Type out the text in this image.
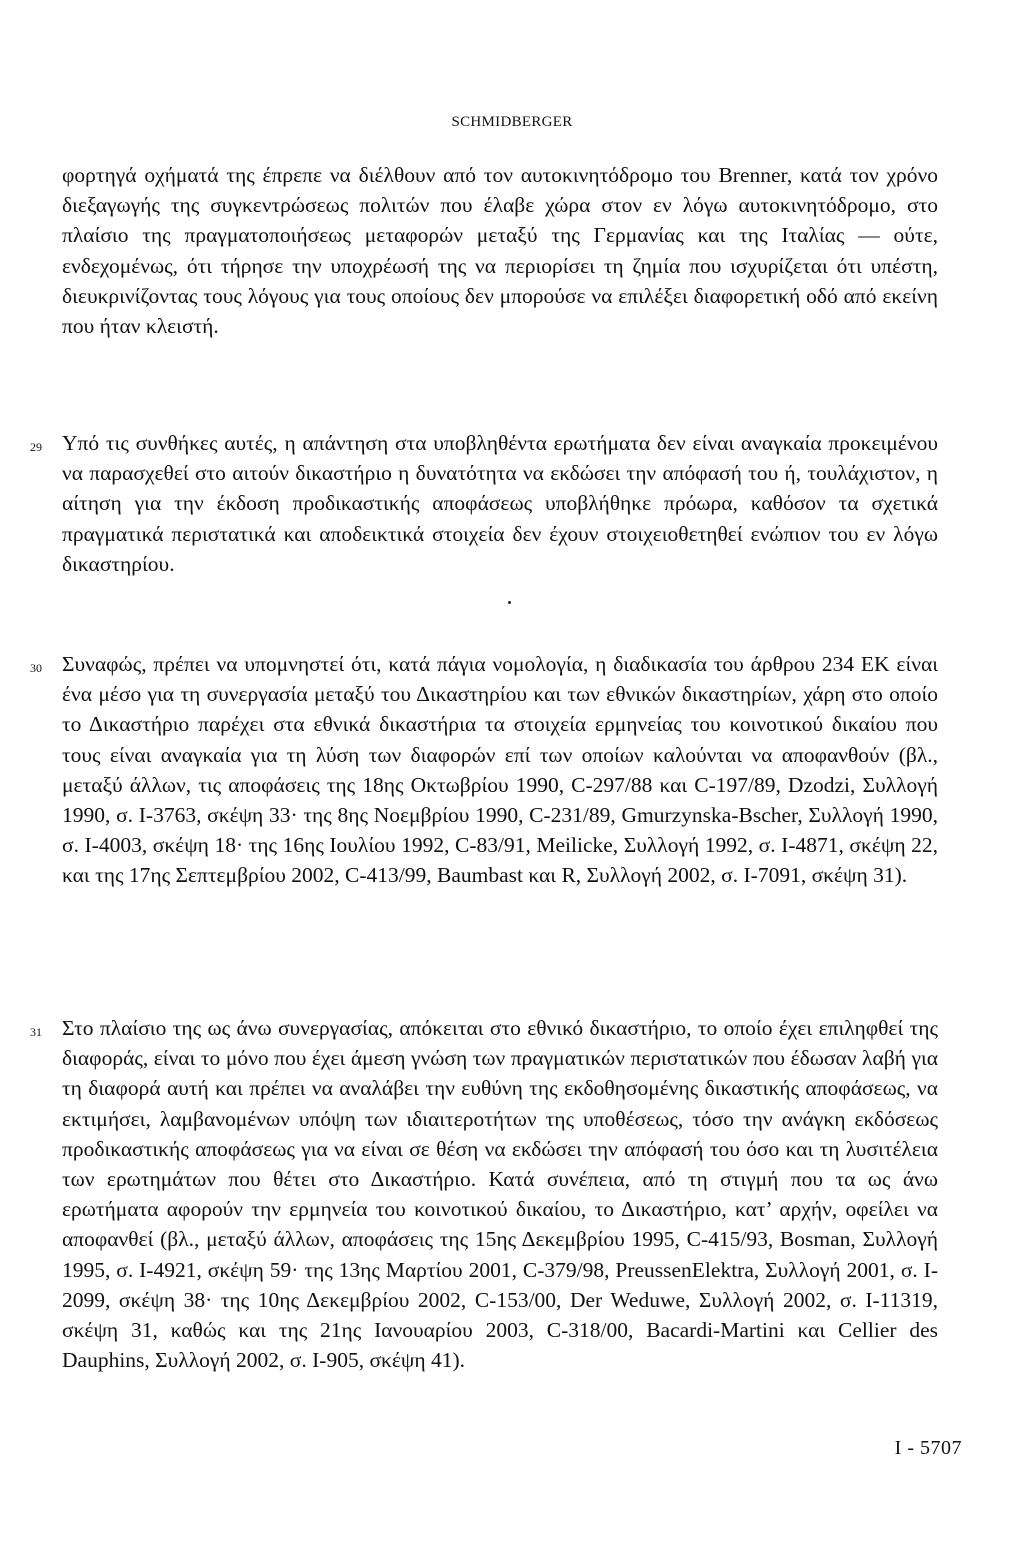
SCHMIDBERGER

φορτηγά οχήματά της έπρεπε να διέλθουν από τον αυτοκινητόδρομο του Brenner, κατά τον χρόνο διεξαγωγής της συγκεντρώσεως πολιτών που έλαβε χώρα στον εν λόγω αυτοκινητόδρομο, στο πλαίσιο της πραγματοποιήσεως μεταφορών μεταξύ της Γερμανίας και της Ιταλίας — ούτε, ενδεχομένως, ότι τήρησε την υποχρέωσή της να περιορίσει τη ζημία που ισχυρίζεται ότι υπέστη, διευκρινίζοντας τους λόγους για τους οποίους δεν μπορούσε να επιλέξει διαφορετική οδό από εκείνη που ήταν κλειστή.

29 Υπό τις συνθήκες αυτές, η απάντηση στα υποβληθέντα ερωτήματα δεν είναι αναγκαία προκειμένου να παρασχεθεί στο αιτούν δικαστήριο η δυνατότητα να εκδώσει την απόφασή του ή, τουλάχιστον, η αίτηση για την έκδοση προδικαστικής αποφάσεως υποβλήθηκε πρόωρα, καθόσον τα σχετικά πραγματικά περιστατικά και αποδεικτικά στοιχεία δεν έχουν στοιχειοθετηθεί ενώπιον του εν λόγω δικαστηρίου.

30 Συναφώς, πρέπει να υπομνηστεί ότι, κατά πάγια νομολογία, η διαδικασία του άρθρου 234 ΕΚ είναι ένα μέσο για τη συνεργασία μεταξύ του Δικαστηρίου και των εθνικών δικαστηρίων, χάρη στο οποίο το Δικαστήριο παρέχει στα εθνικά δικαστήρια τα στοιχεία ερμηνείας του κοινοτικού δικαίου που τους είναι αναγκαία για τη λύση των διαφορών επί των οποίων καλούνται να αποφανθούν (βλ., μεταξύ άλλων, τις αποφάσεις της 18ης Οκτωβρίου 1990, C-297/88 και C-197/89, Dzodzi, Συλλογή 1990, σ. I-3763, σκέψη 33· της 8ης Νοεμβρίου 1990, C-231/89, Gmurzynska-Bscher, Συλλογή 1990, σ. I-4003, σκέψη 18· της 16ης Ιουλίου 1992, C-83/91, Meilicke, Συλλογή 1992, σ. I-4871, σκέψη 22, και της 17ης Σεπτεμβρίου 2002, C-413/99, Baumbast και R, Συλλογή 2002, σ. I-7091, σκέψη 31).

31 Στο πλαίσιο της ως άνω συνεργασίας, απόκειται στο εθνικό δικαστήριο, το οποίο έχει επιληφθεί της διαφοράς, είναι το μόνο που έχει άμεση γνώση των πραγματικών περιστατικών που έδωσαν λαβή για τη διαφορά αυτή και πρέπει να αναλάβει την ευθύνη της εκδοθησομένης δικαστικής αποφάσεως, να εκτιμήσει, λαμβανομένων υπόψη των ιδιαιτεροτήτων της υποθέσεως, τόσο την ανάγκη εκδόσεως προδικαστικής αποφάσεως για να είναι σε θέση να εκδώσει την απόφασή του όσο και τη λυσιτέλεια των ερωτημάτων που θέτει στο Δικαστήριο. Κατά συνέπεια, από τη στιγμή που τα ως άνω ερωτήματα αφορούν την ερμηνεία του κοινοτικού δικαίου, το Δικαστήριο, κατ’ αρχήν, οφείλει να αποφανθεί (βλ., μεταξύ άλλων, αποφάσεις της 15ης Δεκεμβρίου 1995, C-415/93, Bosman, Συλλογή 1995, σ. I-4921, σκέψη 59· της 13ης Μαρτίου 2001, C-379/98, PreussenElektra, Συλλογή 2001, σ. I-2099, σκέψη 38· της 10ης Δεκεμβρίου 2002, C-153/00, Der Weduwe, Συλλογή 2002, σ. I-11319, σκέψη 31, καθώς και της 21ης Ιανουαρίου 2003, C-318/00, Bacardi-Martini και Cellier des Dauphins, Συλλογή 2002, σ. I-905, σκέψη 41).

I - 5707
